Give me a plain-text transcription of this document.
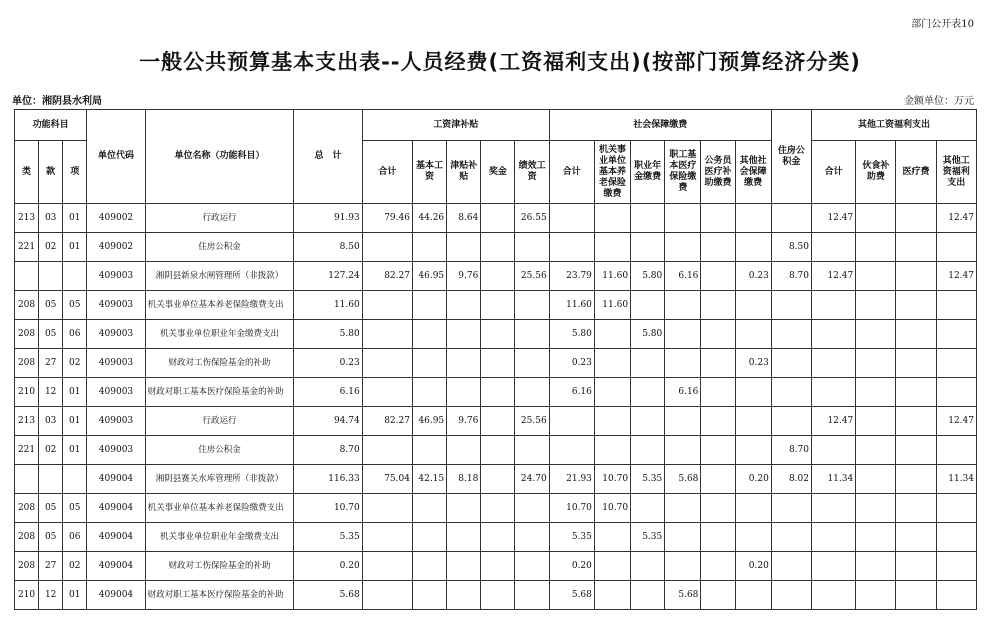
部门公开表10
一般公共预算基本支出表--人员经费(工资福利支出)(按部门预算经济分类)
单位：湘阴县水利局	金额单位：万元
功能科目			单位代码	单位名称（功能科目）	总　计	工资津补贴					社会保障缴费						住房公积金	其他工资福利支出			
类	款	项				合计	基本工资	津贴补贴	奖金	绩效工资	合计	机关事业单位基本养老保险缴费	职业年金缴费	职工基本医疗保险缴费	公务员医疗补助缴费	其他社会保障缴费		合计	伙食补助费	医疗费	其他工资福利支出
213	03	01	409002	行政运行	91.93	79.46	44.26	8.64		26.55								12.47			12.47
221	02	01	409002	住房公积金	8.50												8.50				
			409003	湘阴县新泉水闸管理所（非拨款）	127.24	82.27	46.95	9.76		25.56	23.79	11.60	5.80	6.16		0.23	8.70	12.47			12.47
208	05	05	409003	机关事业单位基本养老保险缴费支出	11.60						11.60	11.60									
208	05	06	409003	机关事业单位职业年金缴费支出	5.80						5.80		5.80								
208	27	02	409003	财政对工伤保险基金的补助	0.23						0.23					0.23					
210	12	01	409003	财政对职工基本医疗保险基金的补助	6.16						6.16			6.16							
213	03	01	409003	行政运行	94.74	82.27	46.95	9.76		25.56								12.47			12.47
221	02	01	409003	住房公积金	8.70												8.70				
			409004	湘阴县赛关水库管理所（非拨款）	116.33	75.04	42.15	8.18		24.70	21.93	10.70	5.35	5.68		0.20	8.02	11.34			11.34
208	05	05	409004	机关事业单位基本养老保险缴费支出	10.70						10.70	10.70									
208	05	06	409004	机关事业单位职业年金缴费支出	5.35						5.35		5.35								
208	27	02	409004	财政对工伤保险基金的补助	0.20						0.20					0.20					
210	12	01	409004	财政对职工基本医疗保险基金的补助	5.68						5.68			5.68							
